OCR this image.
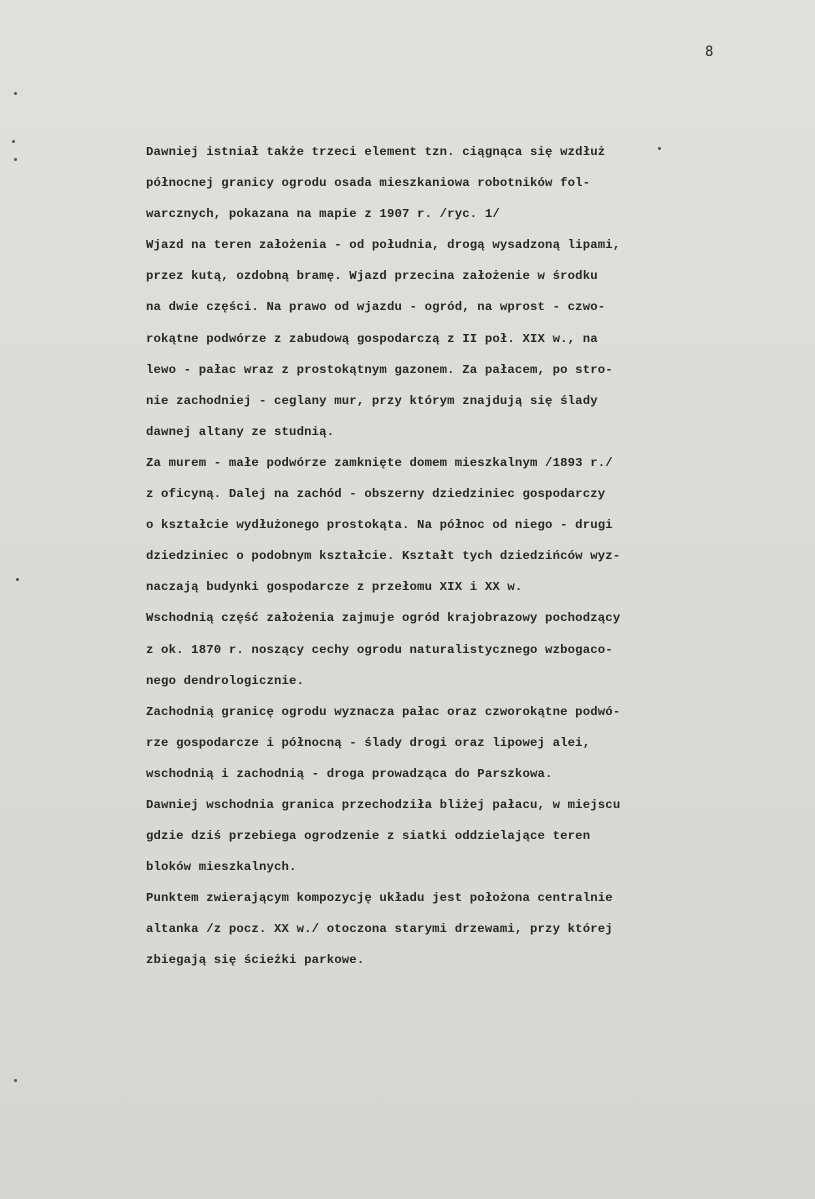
8
Dawniej istniał także trzeci element tzn. ciągnąca się wzdłuż
północnej granicy ogrodu osada mieszkaniowa robotników fol-
warcznych, pokazana na mapie z 1907 r. /ryc. 1/
Wjazd na teren założenia - od południa, drogą wysadzoną lipami,
przez kutą, ozdobną bramę. Wjazd przecina założenie w środku
na dwie części. Na prawo od wjazdu - ogród, na wprost - czwo-
rokątne podwórze z zabudową gospodarczą z II poł. XIX w., na
lewo - pałac wraz z prostokątnym gazonem. Za pałacem, po stro-
nie zachodniej - ceglany mur, przy którym znajdują się ślady
dawnej altany ze studnią.
Za murem - małe podwórze zamknięte domem mieszkalnym /1893 r./
z oficyną. Dalej na zachód - obszerny dziedziniec gospodarczy
o kształcie wydłużonego prostokąta. Na północ od niego - drugi
dziedziniec o podobnym kształcie. Kształt tych dziedzińców wyz-
naczają budynki gospodarcze z przełomu XIX i XX w.
Wschodnią część założenia zajmuje ogród krajobrazowy pochodzący
z ok. 1870 r. noszący cechy ogrodu naturalistycznego wzbogaco-
nego dendrologicznie.
Zachodnią granicę ogrodu wyznacza pałac oraz czworokątne podwó-
rze gospodarcze i północną - ślady drogi oraz lipowej alei,
wschodnią i zachodnią - droga prowadząca do Parszkowa.
Dawniej wschodnia granica przechodziła bliżej pałacu, w miejscu
gdzie dziś przebiega ogrodzenie z siatki oddzielające teren
bloków mieszkalnych.
Punktem zwierającym kompozycję układu jest położona centralnie
altanka /z pocz. XX w./ otoczona starymi drzewami, przy której
zbiegają się ścieżki parkowe.
